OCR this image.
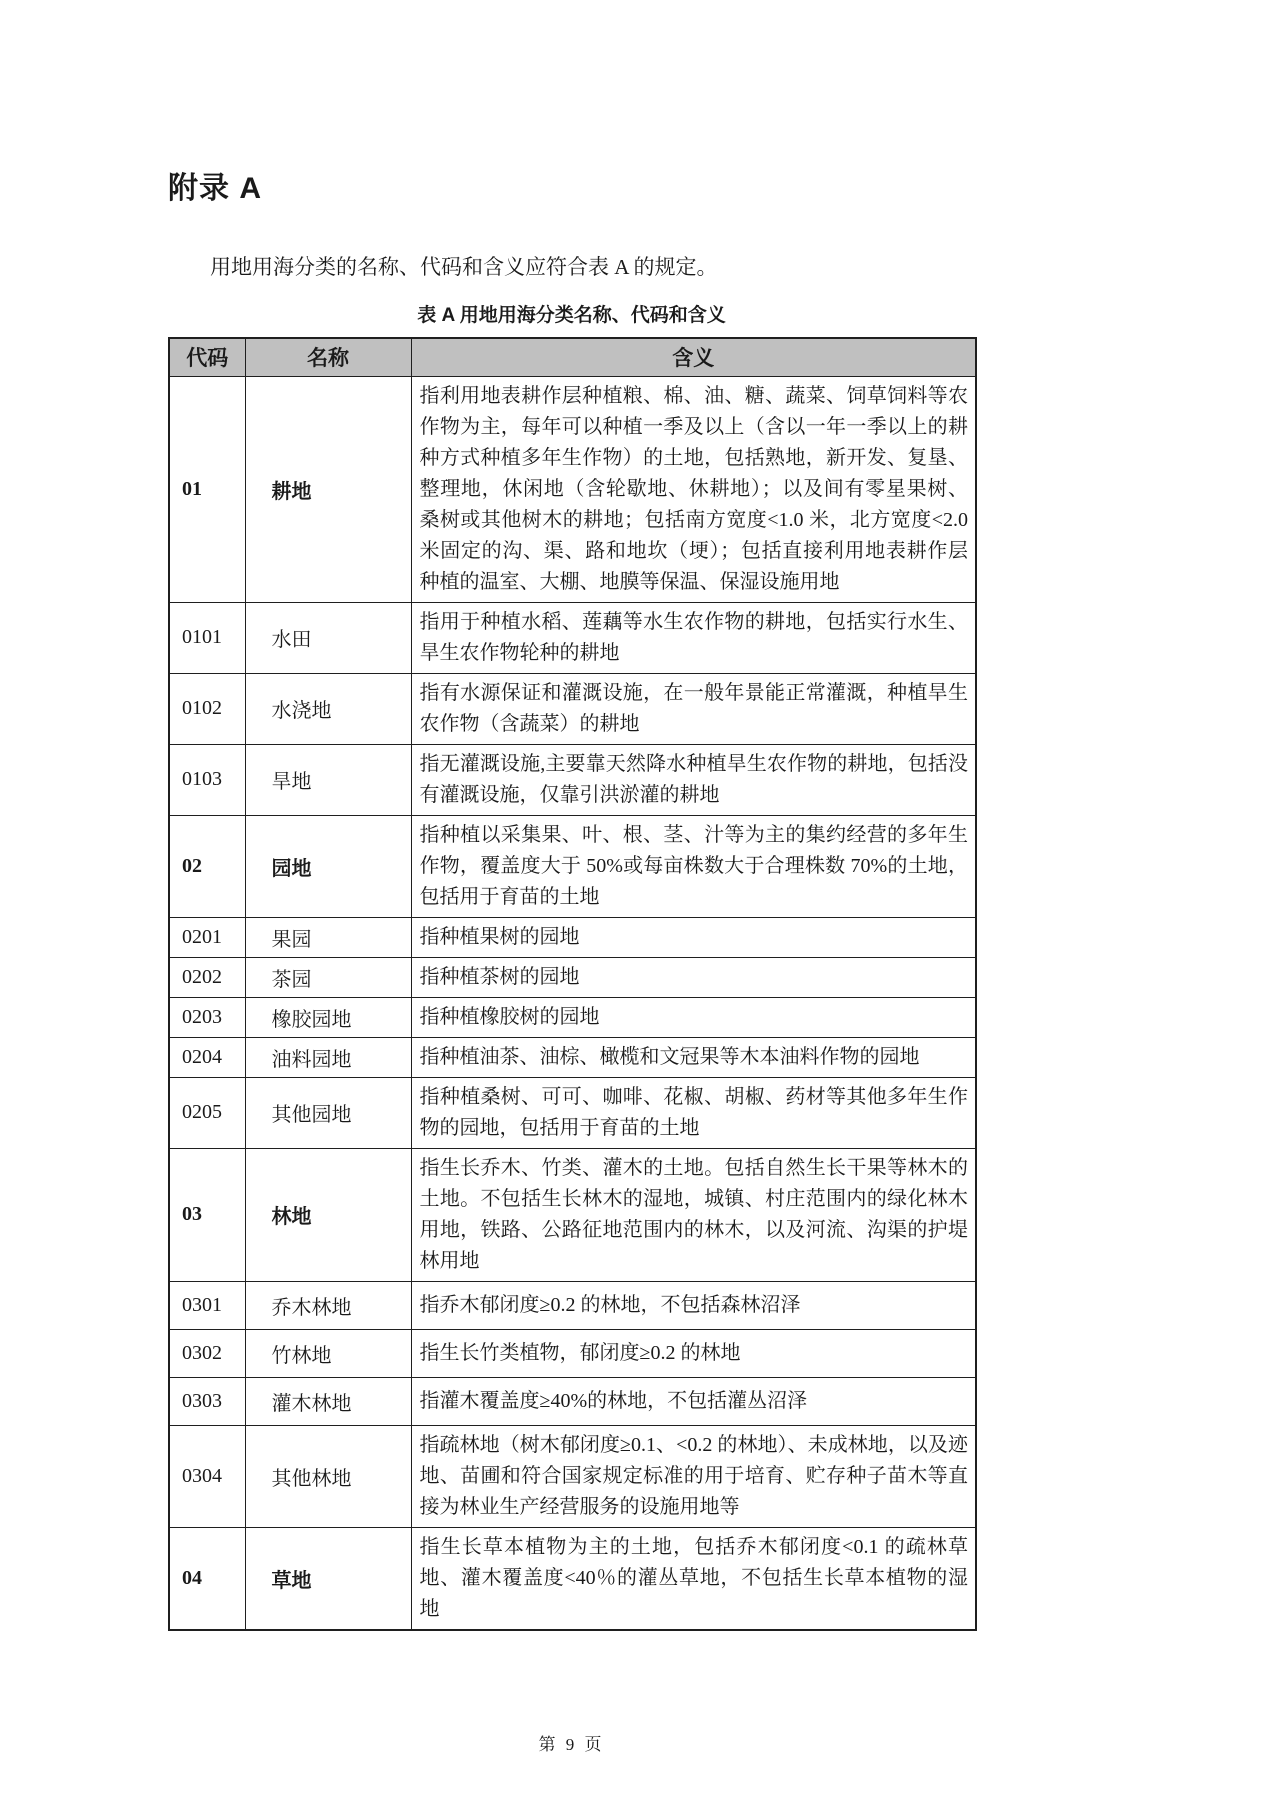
附录 A

用地用海分类的名称、代码和含义应符合表 A 的规定。

表 A 用地用海分类名称、代码和含义
代码	名称	含义
01	耕地	指利用地表耕作层种植粮、棉、油、糖、蔬菜、饲草饲料等农作物为主，每年可以种植一季及以上（含以一年一季以上的耕种方式种植多年生作物）的土地，包括熟地，新开发、复垦、整理地，休闲地（含轮歇地、休耕地）；以及间有零星果树、桑树或其他树木的耕地；包括南方宽度<1.0 米，北方宽度<2.0 米固定的沟、渠、路和地坎（埂）；包括直接利用地表耕作层种植的温室、大棚、地膜等保温、保湿设施用地
0101	水田	指用于种植水稻、莲藕等水生农作物的耕地，包括实行水生、旱生农作物轮种的耕地
0102	水浇地	指有水源保证和灌溉设施，在一般年景能正常灌溉，种植旱生农作物（含蔬菜）的耕地
0103	旱地	指无灌溉设施,主要靠天然降水种植旱生农作物的耕地，包括没有灌溉设施，仅靠引洪淤灌的耕地
02	园地	指种植以采集果、叶、根、茎、汁等为主的集约经营的多年生作物，覆盖度大于 50%或每亩株数大于合理株数 70%的土地，包括用于育苗的土地
0201	果园	指种植果树的园地
0202	茶园	指种植茶树的园地
0203	橡胶园地	指种植橡胶树的园地
0204	油料园地	指种植油茶、油棕、橄榄和文冠果等木本油料作物的园地
0205	其他园地	指种植桑树、可可、咖啡、花椒、胡椒、药材等其他多年生作物的园地，包括用于育苗的土地
03	林地	指生长乔木、竹类、灌木的土地。包括自然生长干果等林木的土地。不包括生长林木的湿地，城镇、村庄范围内的绿化林木用地，铁路、公路征地范围内的林木，以及河流、沟渠的护堤林用地
0301	乔木林地	指乔木郁闭度≥0.2 的林地，不包括森林沼泽
0302	竹林地	指生长竹类植物，郁闭度≥0.2 的林地
0303	灌木林地	指灌木覆盖度≥40%的林地，不包括灌丛沼泽
0304	其他林地	指疏林地（树木郁闭度≥0.1、<0.2 的林地）、未成林地，以及迹地、苗圃和符合国家规定标准的用于培育、贮存种子苗木等直接为林业生产经营服务的设施用地等
04	草地	指生长草本植物为主的土地，包括乔木郁闭度<0.1 的疏林草地、灌木覆盖度<40％的灌丛草地，不包括生长草本植物的湿地
第 9 页
